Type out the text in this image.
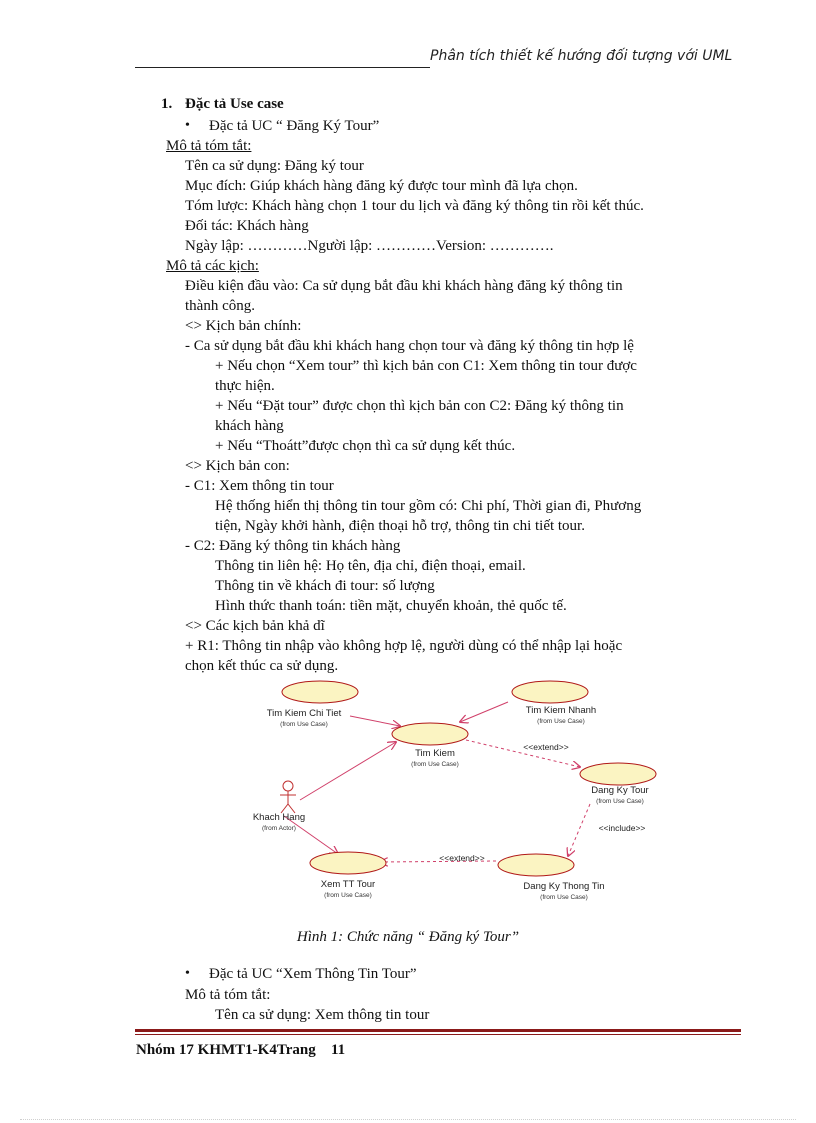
Phân tích thiết kế hướng đối tượng với UML
1. Đặc tả Use case
• Đặc tả UC “ Đăng Ký Tour”
Mô tả tóm tắt:
Tên ca sử dụng: Đăng ký tour
Mục đích: Giúp khách hàng đăng ký được tour mình đã lựa chọn.
Tóm lược: Khách hàng chọn 1 tour du lịch và đăng ký thông tin rồi kết thúc.
Đối tác: Khách hàng
Ngày lập: …………Người lập: …………Version: ………….
Mô tả các kịch:
Điều kiện đầu vào: Ca sử dụng bắt đầu khi khách hàng đăng ký thông tin
thành công.
<> Kịch bản chính:
- Ca sử dụng bắt đầu khi khách hang chọn tour và đăng ký thông tin hợp lệ
+ Nếu chọn “Xem tour” thì kịch bản con C1: Xem thông tin tour được
thực hiện.
+ Nếu “Đặt tour” được chọn thì kịch bản con C2: Đăng ký thông tin
khách hàng
+ Nếu “Thoátt”được chọn thì ca sử dụng kết thúc.
<> Kịch bản con:
- C1: Xem thông tin tour
Hệ thống hiển thị thông tin tour gồm có: Chi phí, Thời gian đi, Phương
tiện, Ngày khởi hành, điện thoại hỗ trợ, thông tin chi tiết tour.
- C2: Đăng ký thông tin khách hàng
Thông tin liên hệ: Họ tên, địa chỉ, điện thoại, email.
Thông tin về khách đi tour: số lượng
Hình thức thanh toán: tiền mặt, chuyển khoản, thẻ quốc tế.
<> Các kịch bản khả dĩ
+ R1: Thông tin nhập vào không hợp lệ, người dùng có thể nhập lại hoặc
chọn kết thúc ca sử dụng.
Tim Kiem Chi Tiet
(from Use Case)
Tim Kiem Nhanh
(from Use Case)
Tim Kiem
(from Use Case)
Dang Ky Tour
(from Use Case)
Khach Hang
(from Actor)
Xem TT Tour
(from Use Case)
Dang Ky Thong Tin
(from Use Case)
<<extend>>
<<include>>
<<extend>>
Hình 1: Chức năng “ Đăng ký Tour”
• Đặc tả UC “Xem Thông Tin Tour”
Mô tả tóm tắt:
Tên ca sử dụng: Xem thông tin tour
Nhóm 17 KHMT1-K4Trang 11
